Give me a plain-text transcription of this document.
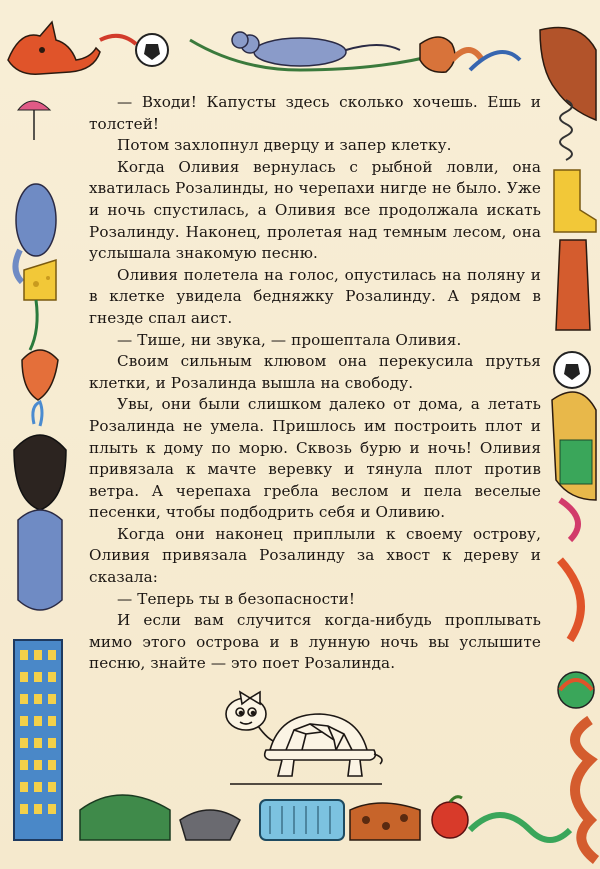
— Входи! Капусты здесь сколько хочешь. Ешь и толстей!

Потом захлопнул дверцу и запер клетку.

Когда Оливия вернулась с рыбной ловли, она хватилась Розалинды, но черепахи нигде не было. Уже и ночь спустилась, а Оливия все продолжала искать Розалинду. Наконец, пролетая над темным лесом, она услышала знакомую песню.

Оливия полетела на голос, опустилась на поляну и в клетке увидела бедняжку Розалинду. А рядом в гнезде спал аист.

— Тише, ни звука, — прошептала Оливия.

Своим сильным клювом она перекусила прутья клетки, и Розалинда вышла на свободу.

Увы, они были слишком далеко от дома, а летать Розалинда не умела. Пришлось им построить плот и плыть к дому по морю. Сквозь бурю и ночь! Оливия привязала к мачте веревку и тянула плот против ветра. А черепаха гребла веслом и пела веселые песенки, чтобы подбодрить себя и Оливию.

Когда они наконец приплыли к своему острову, Оливия привязала Розалинду за хвост к дереву и сказала:

— Теперь ты в безопасности!

И если вам случится когда-нибудь проплывать мимо этого острова и в лунную ночь вы услышите песню, знайте — это поет Розалинда.
